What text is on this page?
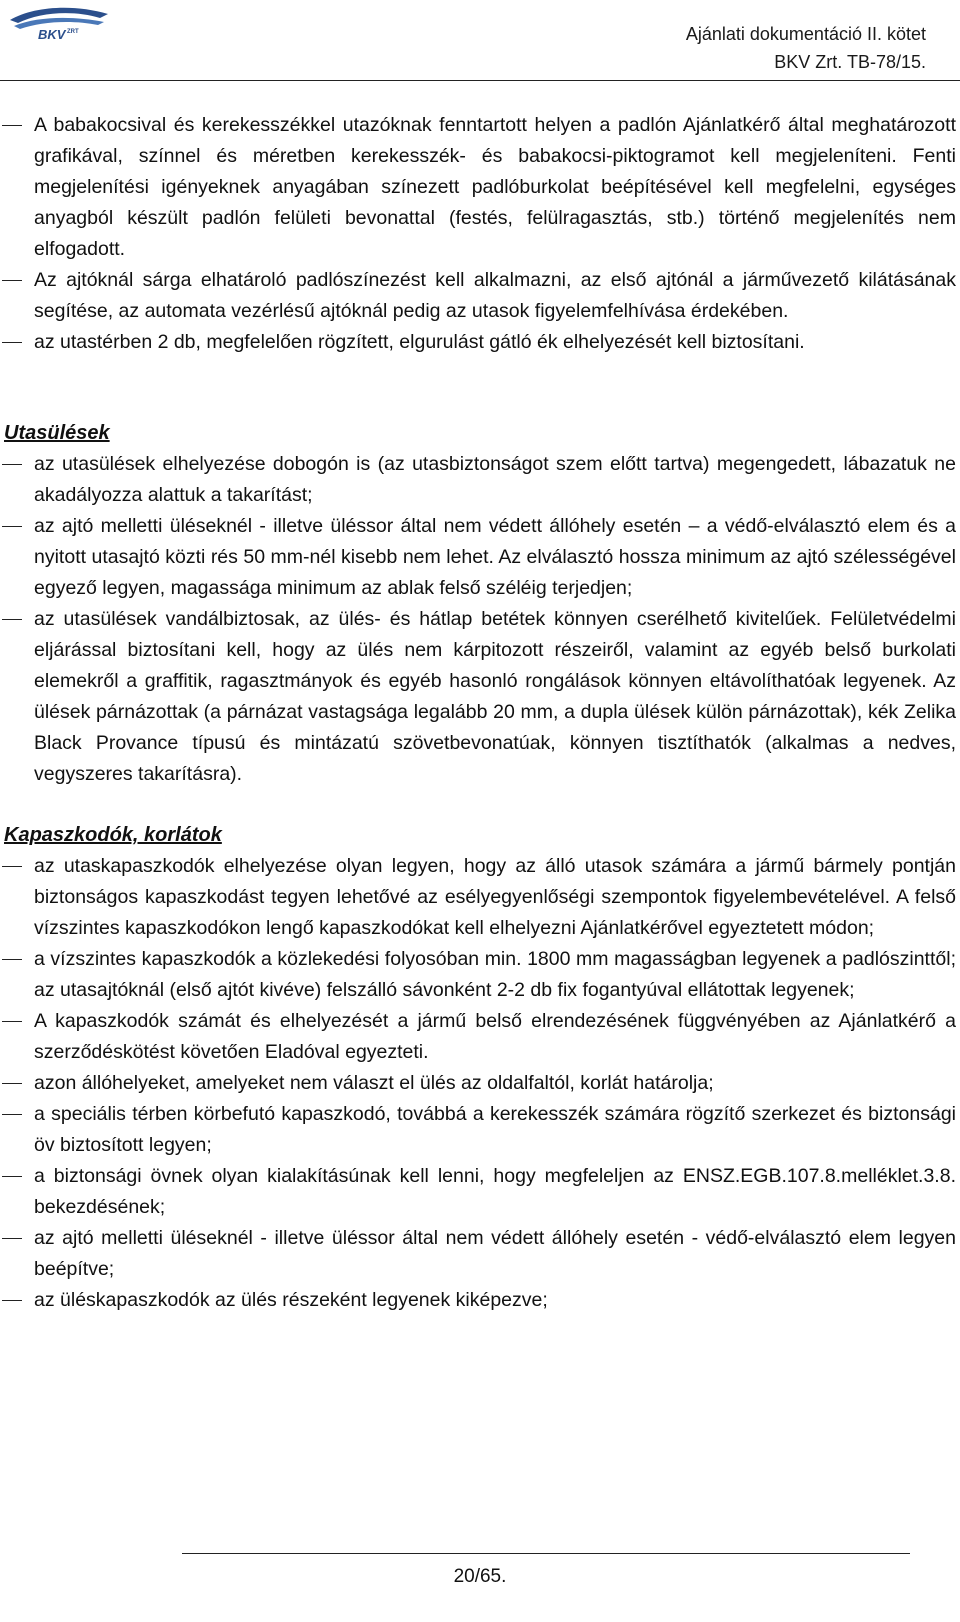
BKV ZRT	Ajánlati dokumentáció II. kötet
BKV Zrt. TB-78/15.
A babakocsival és kerekesszékkel utazóknak fenntartott helyen a padlón Ajánlatkérő által meghatározott grafikával, színnel és méretben kerekesszék- és babakocsi-piktogramot kell megjeleníteni. Fenti megjelenítési igényeknek anyagában színezett padlóburkolat beépítésével kell megfelelni, egységes anyagból készült padlón felületi bevonattal (festés, felülragasztás, stb.) történő megjelenítés nem elfogadott.
Az ajtóknál sárga elhatároló padlószínezést kell alkalmazni, az első ajtónál a járművezető kilátásának segítése, az automata vezérlésű ajtóknál pedig az utasok figyelemfelhívása érdekében.
az utastérben 2 db, megfelelően rögzített, elgurulást gátló ék elhelyezését kell biztosítani.
Utasülések
az utasülések elhelyezése dobogón is (az utasbiztonságot szem előtt tartva) megengedett, lábazatuk ne akadályozza alattuk a takarítást;
az ajtó melletti üléseknél - illetve üléssor által nem védett állóhely esetén – a védő-elválasztó elem és a nyitott utasajtó közti rés 50 mm-nél kisebb nem lehet. Az elválasztó hossza minimum az ajtó szélességével egyező legyen, magassága minimum az ablak felső széléig terjedjen;
az utasülések vandálbiztosak, az ülés- és hátlap betétek könnyen cserélhető kivitelűek. Felületvédelmi eljárással biztosítani kell, hogy az ülés nem kárpitozott részeiről, valamint az egyéb belső burkolati elemekről a graffitik, ragasztmányok és egyéb hasonló rongálások könnyen eltávolíthatóak legyenek. Az ülések párnázottak (a párnázat vastagsága legalább 20 mm, a dupla ülések külön párnázottak), kék Zelika Black Provance típusú és mintázatú szövetbevonatúak, könnyen tisztíthatók (alkalmas a nedves, vegyszeres takarításra).
Kapaszkodók, korlátok
az utaskapaszkodók elhelyezése olyan legyen, hogy az álló utasok számára a jármű bármely pontján biztonságos kapaszkodást tegyen lehetővé az esélyegyenlőségi szempontok figyelembevételével. A felső vízszintes kapaszkodókon lengő kapaszkodókat kell elhelyezni Ajánlatkérővel egyeztetett módon;
a vízszintes kapaszkodók a közlekedési folyosóban min. 1800 mm magasságban legyenek a padlószinttől; az utasajtóknál (első ajtót kivéve) felszálló sávonként 2-2 db fix fogantyúval ellátottak legyenek;
A kapaszkodók számát és elhelyezését a jármű belső elrendezésének függvényében az Ajánlatkérő a szerződéskötést követően Eladóval egyezteti.
azon állóhelyeket, amelyeket nem választ el ülés az oldalfaltól, korlát határolja;
a speciális térben körbefutó kapaszkodó, továbbá a kerekesszék számára rögzítő szerkezet és biztonsági öv biztosított legyen;
a biztonsági övnek olyan kialakításúnak kell lenni, hogy megfeleljen az ENSZ.EGB.107.8.melléklet.3.8. bekezdésének;
az ajtó melletti üléseknél - illetve üléssor által nem védett állóhely esetén - védő-elválasztó elem legyen beépítve;
az üléskapaszkodók az ülés részeként legyenek kiképezve;
20/65.
